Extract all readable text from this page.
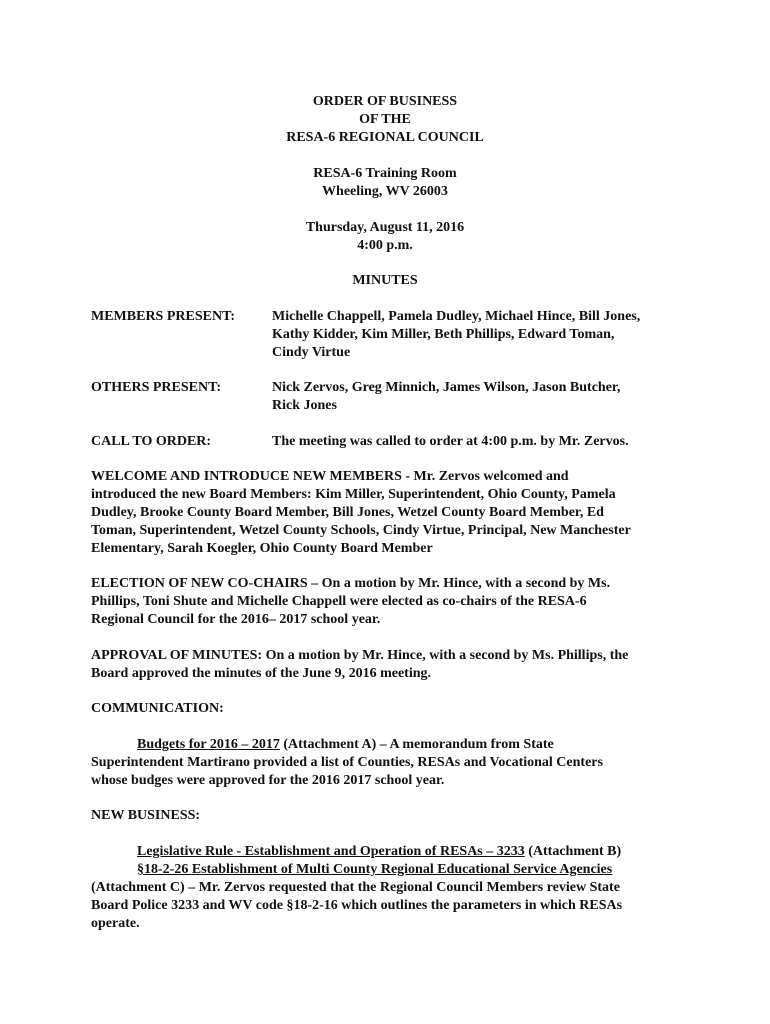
ORDER OF BUSINESS
OF THE
RESA-6 REGIONAL COUNCIL
RESA-6 Training Room
Wheeling, WV 26003
Thursday, August 11, 2016
4:00 p.m.
MINUTES
MEMBERS PRESENT:	Michelle Chappell, Pamela Dudley, Michael Hince, Bill Jones,
Kathy Kidder, Kim Miller, Beth Phillips, Edward Toman,
Cindy Virtue
OTHERS PRESENT:	Nick Zervos, Greg Minnich, James Wilson, Jason Butcher,
Rick Jones
CALL TO ORDER:	The meeting was called to order at 4:00 p.m. by Mr. Zervos.
WELCOME AND INTRODUCE NEW MEMBERS - Mr. Zervos welcomed and
introduced the new Board Members: Kim Miller, Superintendent, Ohio County, Pamela
Dudley, Brooke County Board Member, Bill Jones, Wetzel County Board Member, Ed
Toman, Superintendent, Wetzel County Schools, Cindy Virtue, Principal, New Manchester
Elementary, Sarah Koegler, Ohio County Board Member
ELECTION OF NEW CO-CHAIRS – On a motion by Mr. Hince, with a second by Ms.
Phillips, Toni Shute and Michelle Chappell were elected as co-chairs of the RESA-6
Regional Council for the 2016– 2017 school year.
APPROVAL OF MINUTES: On a motion by Mr. Hince, with a second by Ms. Phillips, the
Board approved the minutes of the June 9, 2016 meeting.
COMMUNICATION:
Budgets for 2016 – 2017 (Attachment A) – A memorandum from State
Superintendent Martirano provided a list of Counties, RESAs and Vocational Centers
whose budges were approved for the 2016 2017 school year.
NEW BUSINESS:
Legislative Rule - Establishment and Operation of RESAs – 3233 (Attachment B)
§18-2-26 Establishment of Multi County Regional Educational Service Agencies
(Attachment C) – Mr. Zervos requested that the Regional Council Members review State
Board Police 3233 and WV code §18-2-16 which outlines the parameters in which RESAs
operate.
